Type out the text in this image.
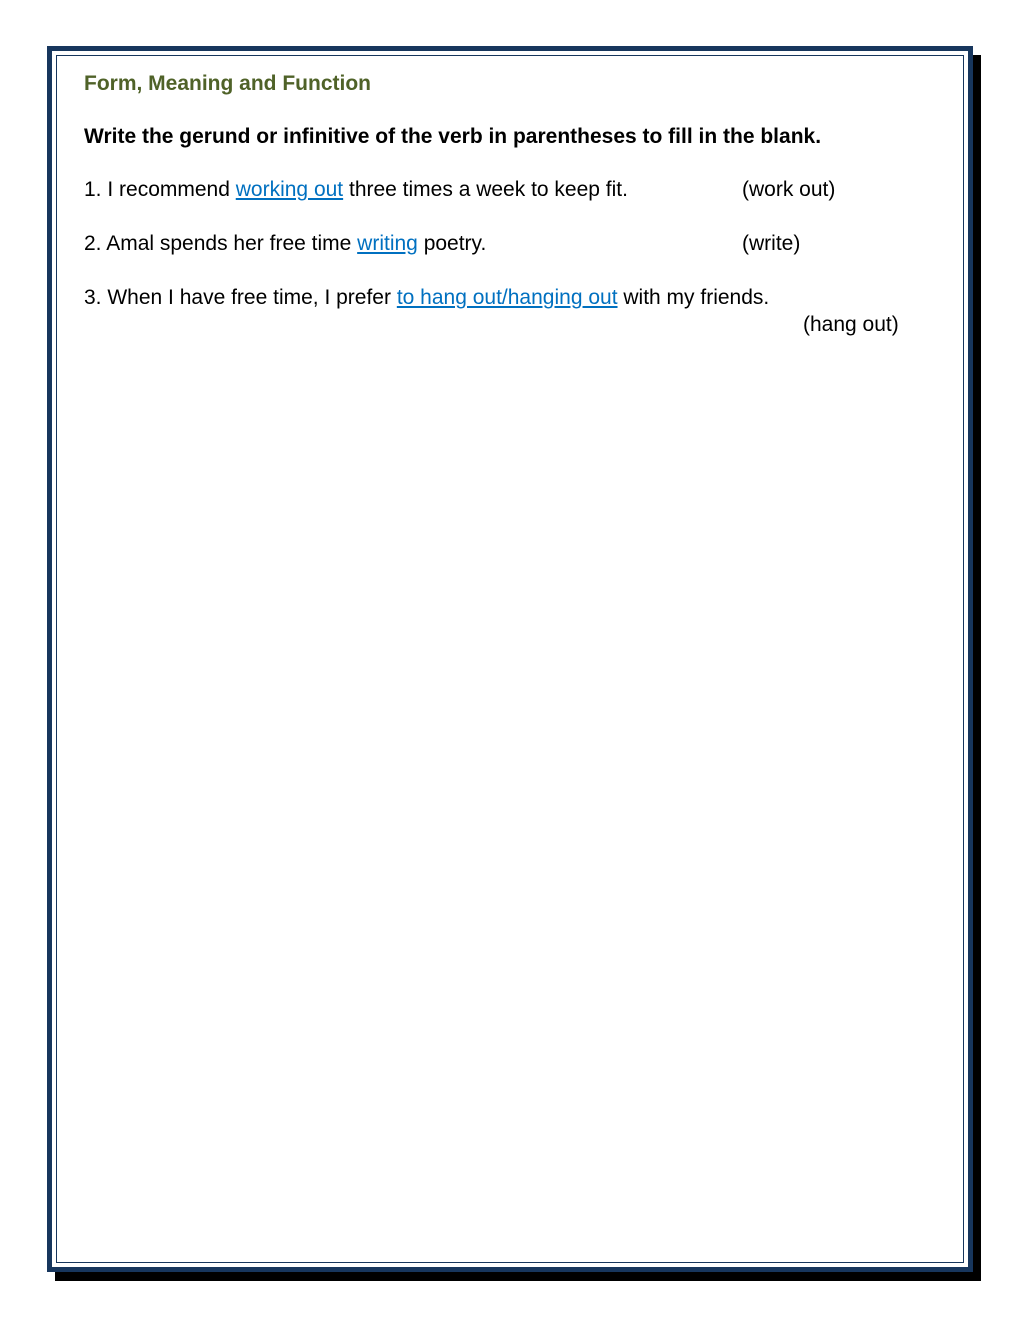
Form, Meaning and Function
Write the gerund or infinitive of the verb in parentheses to fill in the blank.
1. I recommend working out three times a week to keep fit.	(work out)
2. Amal spends her free time writing poetry.	(write)
3. When I have free time, I prefer to hang out/hanging out with my friends.
(hang out)
